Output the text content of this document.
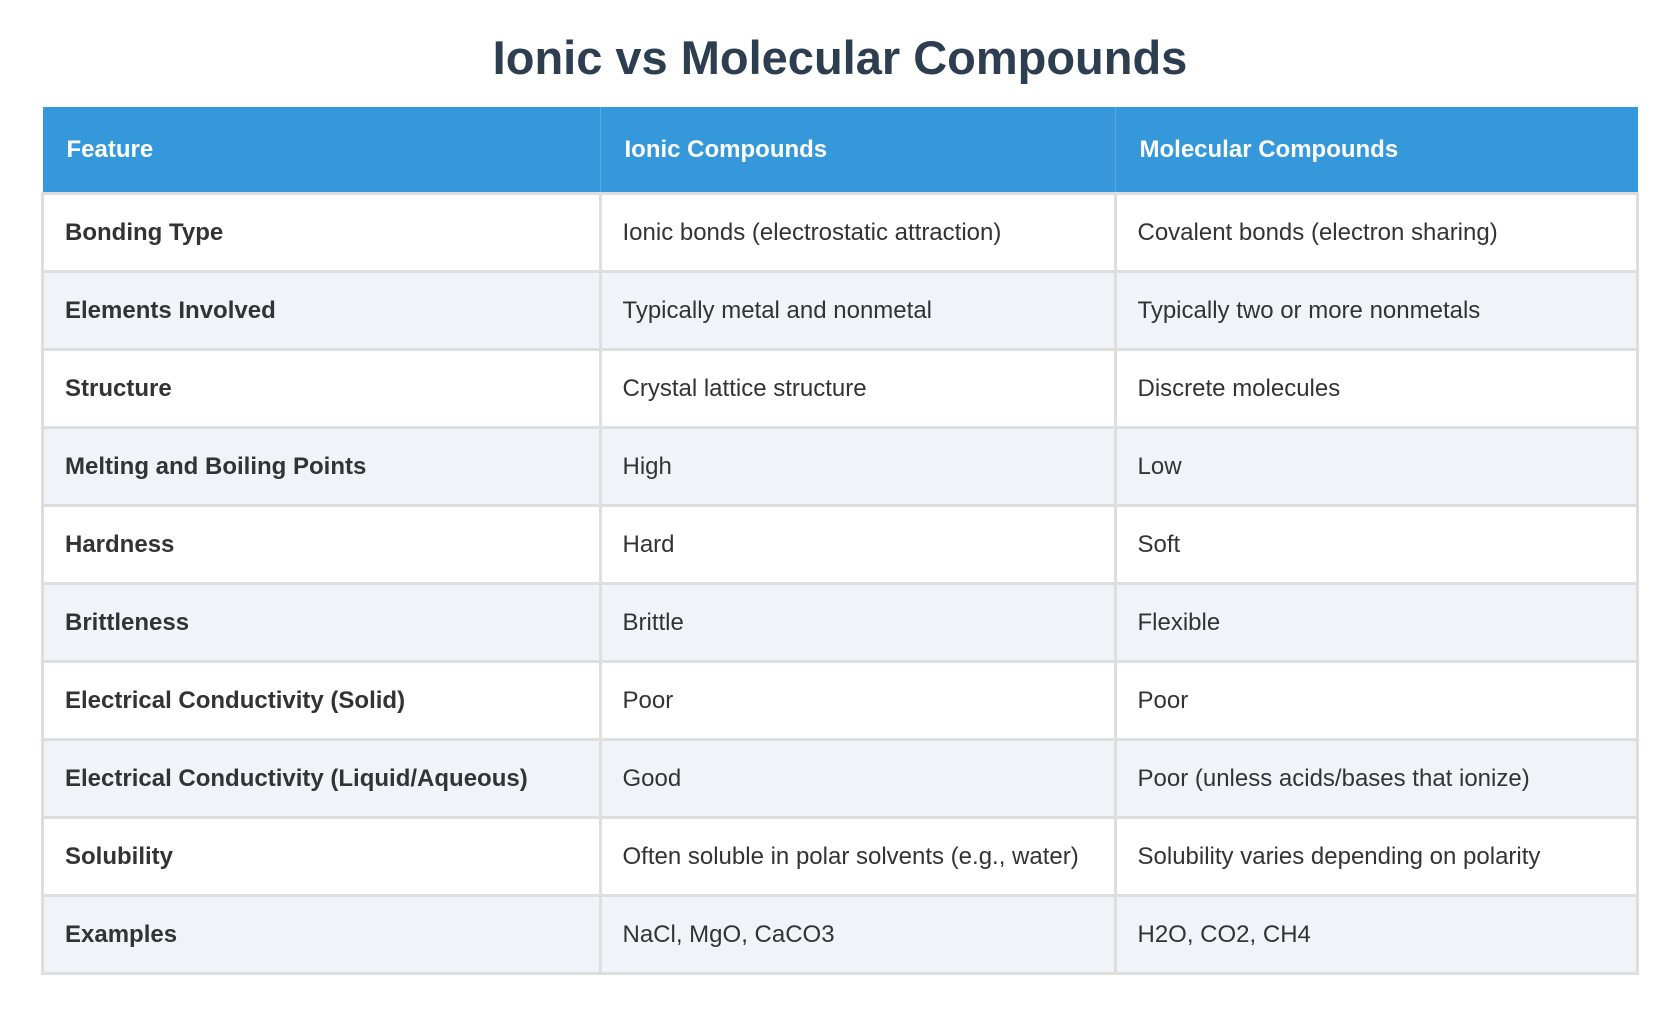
Ionic vs Molecular Compounds
Feature	Ionic Compounds	Molecular Compounds
Bonding Type	Ionic bonds (electrostatic attraction)	Covalent bonds (electron sharing)
Elements Involved	Typically metal and nonmetal	Typically two or more nonmetals
Structure	Crystal lattice structure	Discrete molecules
Melting and Boiling Points	High	Low
Hardness	Hard	Soft
Brittleness	Brittle	Flexible
Electrical Conductivity (Solid)	Poor	Poor
Electrical Conductivity (Liquid/Aqueous)	Good	Poor (unless acids/bases that ionize)
Solubility	Often soluble in polar solvents (e.g., water)	Solubility varies depending on polarity
Examples	NaCl, MgO, CaCO3	H2O, CO2, CH4
